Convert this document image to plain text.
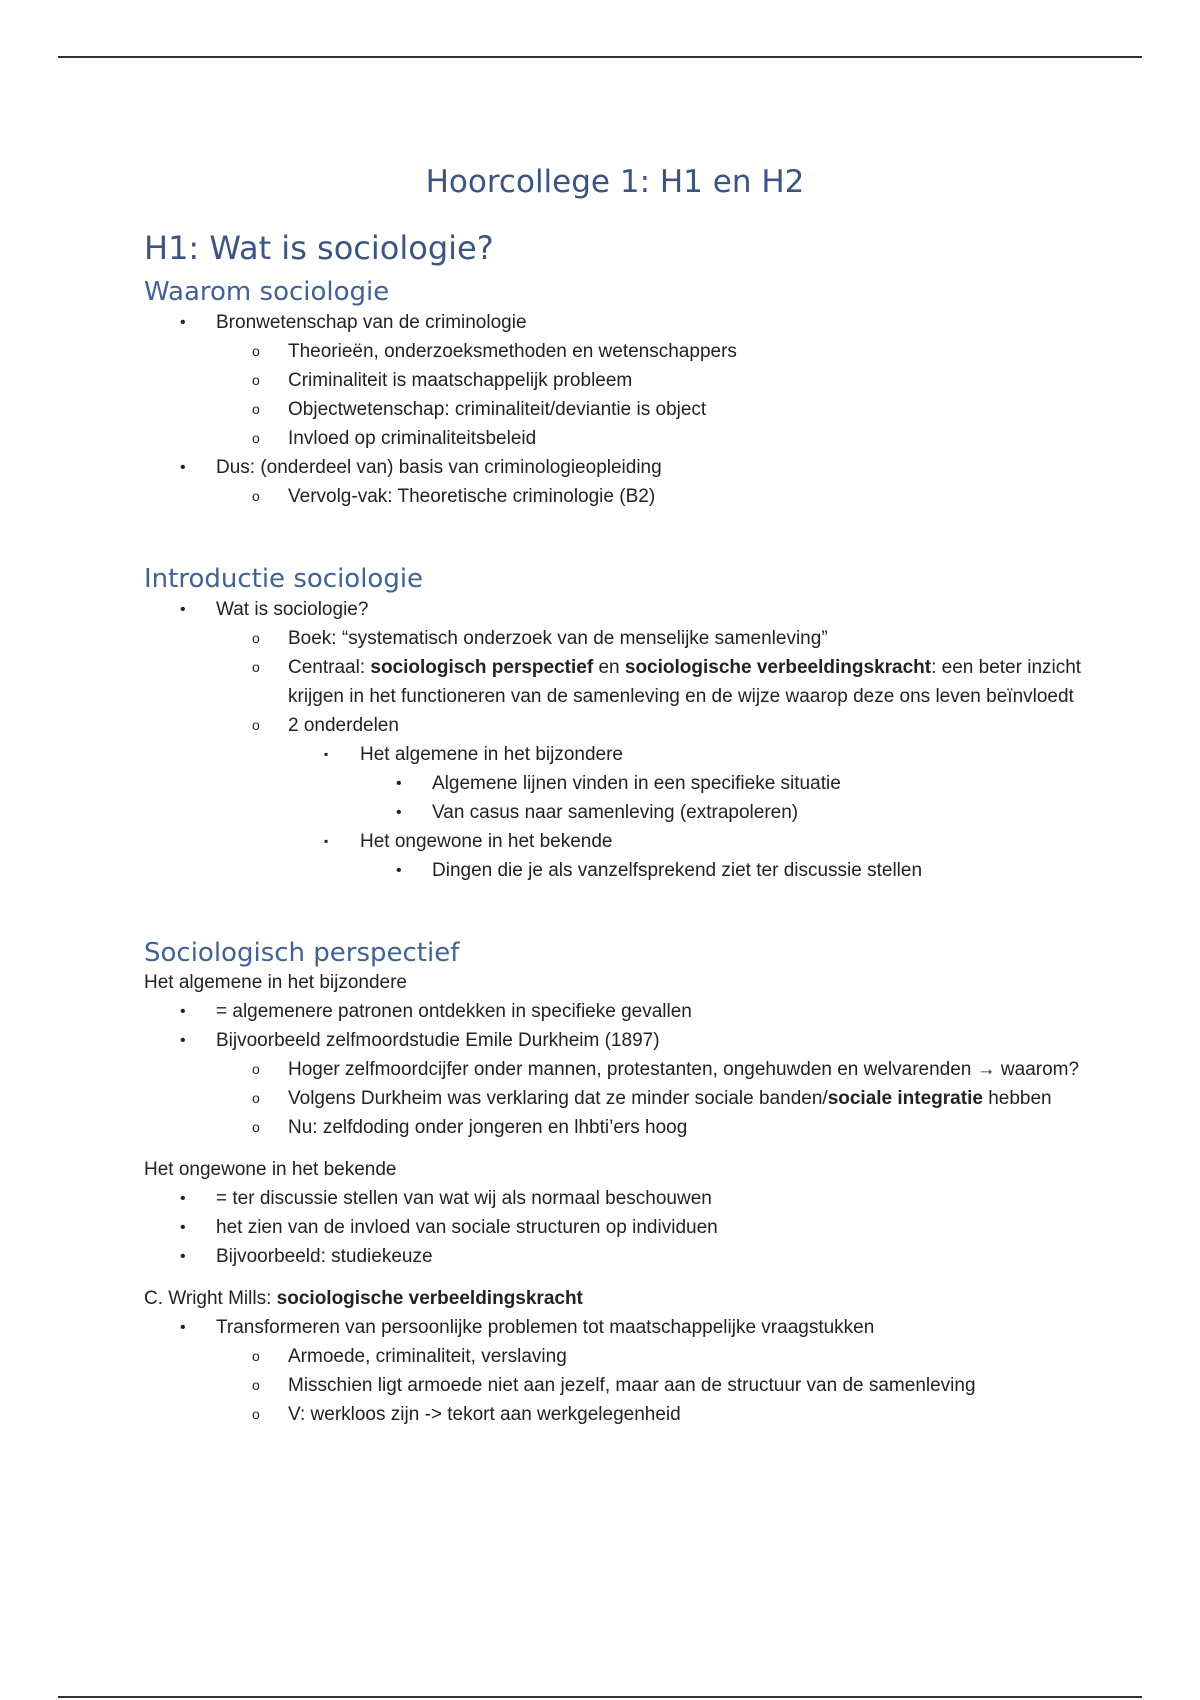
Hoorcollege 1: H1 en H2
H1: Wat is sociologie?
Waarom sociologie
• Bronwetenschap van de criminologie
o Theorieën, onderzoeksmethoden en wetenschappers
o Criminaliteit is maatschappelijk probleem
o Objectwetenschap: criminaliteit/deviantie is object
o Invloed op criminaliteitsbeleid
• Dus: (onderdeel van) basis van criminologieopleiding
o Vervolg-vak: Theoretische criminologie (B2)
Introductie sociologie
• Wat is sociologie?
o Boek: “systematisch onderzoek van de menselijke samenleving”
o Centraal: sociologisch perspectief en sociologische verbeeldingskracht: een beter inzicht krijgen in het functioneren van de samenleving en de wijze waarop deze ons leven beïnvloedt
o 2 onderdelen
▪ Het algemene in het bijzondere
• Algemene lijnen vinden in een specifieke situatie
• Van casus naar samenleving (extrapoleren)
▪ Het ongewone in het bekende
• Dingen die je als vanzelfsprekend ziet ter discussie stellen
Sociologisch perspectief

Het algemene in het bijzondere

• = algemenere patronen ontdekken in specifieke gevallen
• Bijvoorbeeld zelfmoordstudie Emile Durkheim (1897)
o Hoger zelfmoordcijfer onder mannen, protestanten, ongehuwden en welvarenden → waarom?
o Volgens Durkheim was verklaring dat ze minder sociale banden/sociale integratie hebben
o Nu: zelfdoding onder jongeren en lhbti’ers hoog

Het ongewone in het bekende

• = ter discussie stellen van wat wij als normaal beschouwen
• het zien van de invloed van sociale structuren op individuen
• Bijvoorbeeld: studiekeuze

C. Wright Mills: sociologische verbeeldingskracht

• Transformeren van persoonlijke problemen tot maatschappelijke vraagstukken
o Armoede, criminaliteit, verslaving
o Misschien ligt armoede niet aan jezelf, maar aan de structuur van de samenleving
o V: werkloos zijn -> tekort aan werkgelegenheid
